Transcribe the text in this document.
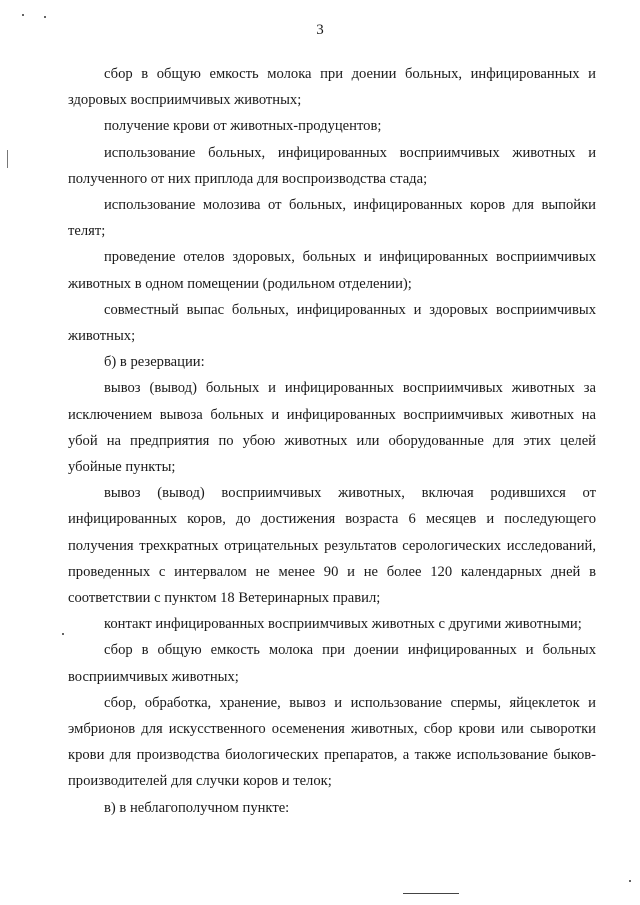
3

сбор в общую емкость молока при доении больных, инфицированных и здоровых восприимчивых животных;

получение крови от животных-продуцентов;

использование больных, инфицированных восприимчивых животных и полученного от них приплода для воспроизводства стада;

использование молозива от больных, инфицированных коров для выпойки телят;

проведение отелов здоровых, больных и инфицированных восприимчивых животных в одном помещении (родильном отделении);

совместный выпас больных, инфицированных и здоровых восприимчивых животных;

б) в резервации:

вывоз (вывод) больных и инфицированных восприимчивых животных за исключением вывоза больных и инфицированных восприимчивых животных на убой на предприятия по убою животных или оборудованные для этих целей убойные пункты;

вывоз (вывод) восприимчивых животных, включая родившихся от инфицированных коров, до достижения возраста 6 месяцев и последующего получения трехкратных отрицательных результатов серологических исследований, проведенных с интервалом не менее 90 и не более 120 календарных дней в соответствии с пунктом 18 Ветеринарных правил;

контакт инфицированных восприимчивых животных с другими животными;

сбор в общую емкость молока при доении инфицированных и больных восприимчивых животных;

сбор, обработка, хранение, вывоз и использование спермы, яйцеклеток и эмбрионов для искусственного осеменения животных, сбор крови или сыворотки крови для производства биологических препаратов, а также использование быков-производителей для случки коров и телок;

в) в неблагополучном пункте:
